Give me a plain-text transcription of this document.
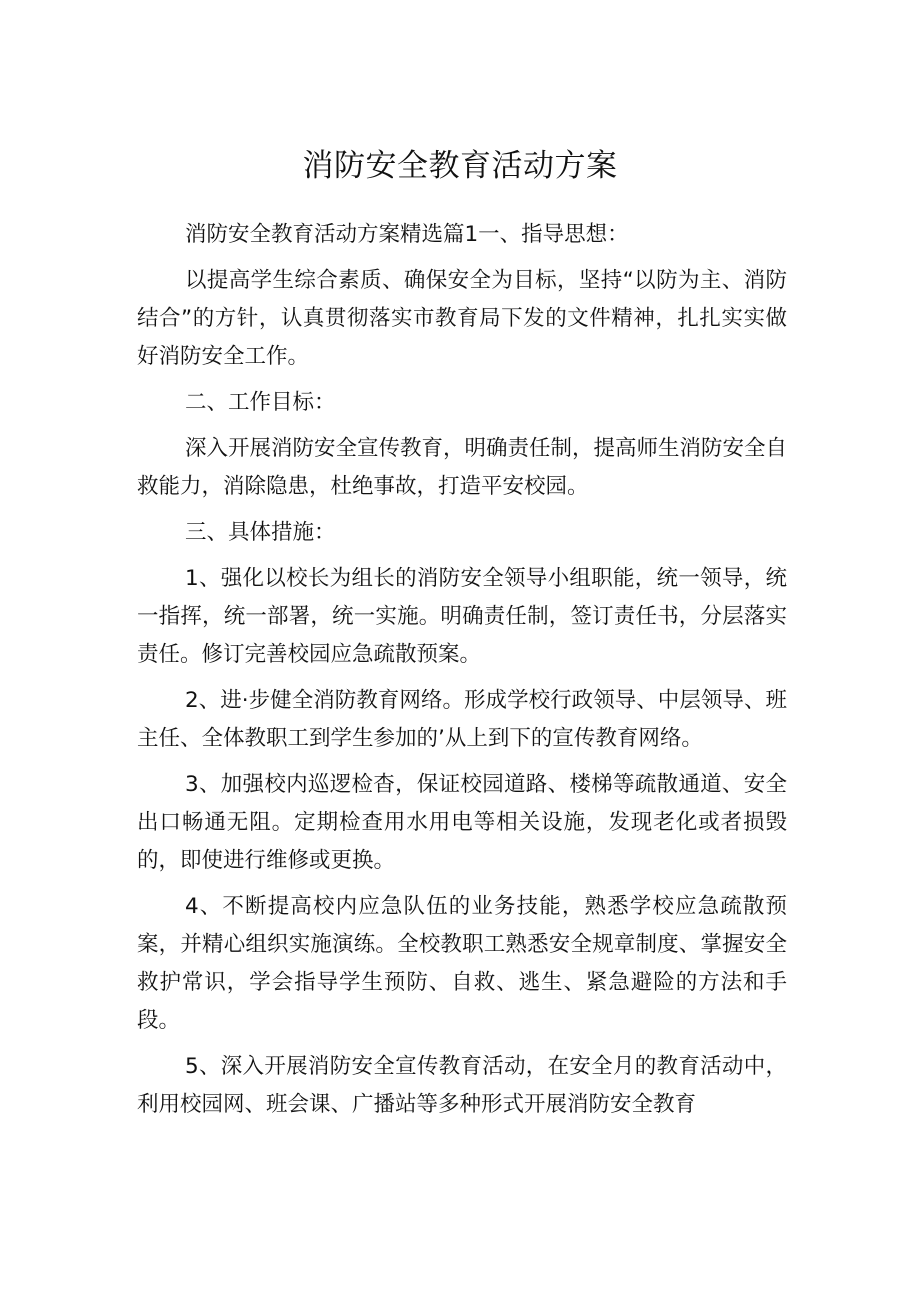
消防安全教育活动方案

消防安全教育活动方案精选篇1一、指导思想：

以提高学生综合素质、确保安全为目标，坚持“以防为主、消防结合”的方针，认真贯彻落实市教育局下发的文件精神，扎扎实实做好消防安全工作。

二、工作目标：

深入开展消防安全宣传教育，明确责任制，提高师生消防安全自救能力，消除隐患，杜绝事故，打造平安校园。

三、具体措施：

1、强化以校长为组长的消防安全领导小组职能，统一领导，统一指挥，统一部署，统一实施。明确责任制，签订责任书，分层落实责任。修订完善校园应急疏散预案。

2、进·步健全消防教育网络。形成学校行政领导、中层领导、班主任、全体教职工到学生参加的’从上到下的宣传教育网络。

3、加强校内巡逻检杳，保证校园道路、楼梯等疏散通道、安全出口畅通无阻。定期检查用水用电等相关设施，发现老化或者损毁的，即使进行维修或更换。

4、不断提高校内应急队伍的业务技能，熟悉学校应急疏散预案，并精心组织实施演练。全校教职工熟悉安全规章制度、掌握安全救护常识，学会指导学生预防、自救、逃生、紧急避险的方法和手段。

5、深入开展消防安全宣传教育活动，在安全月的教育活动中，利用校园网、班会课、广播站等多种形式开展消防安全教育
